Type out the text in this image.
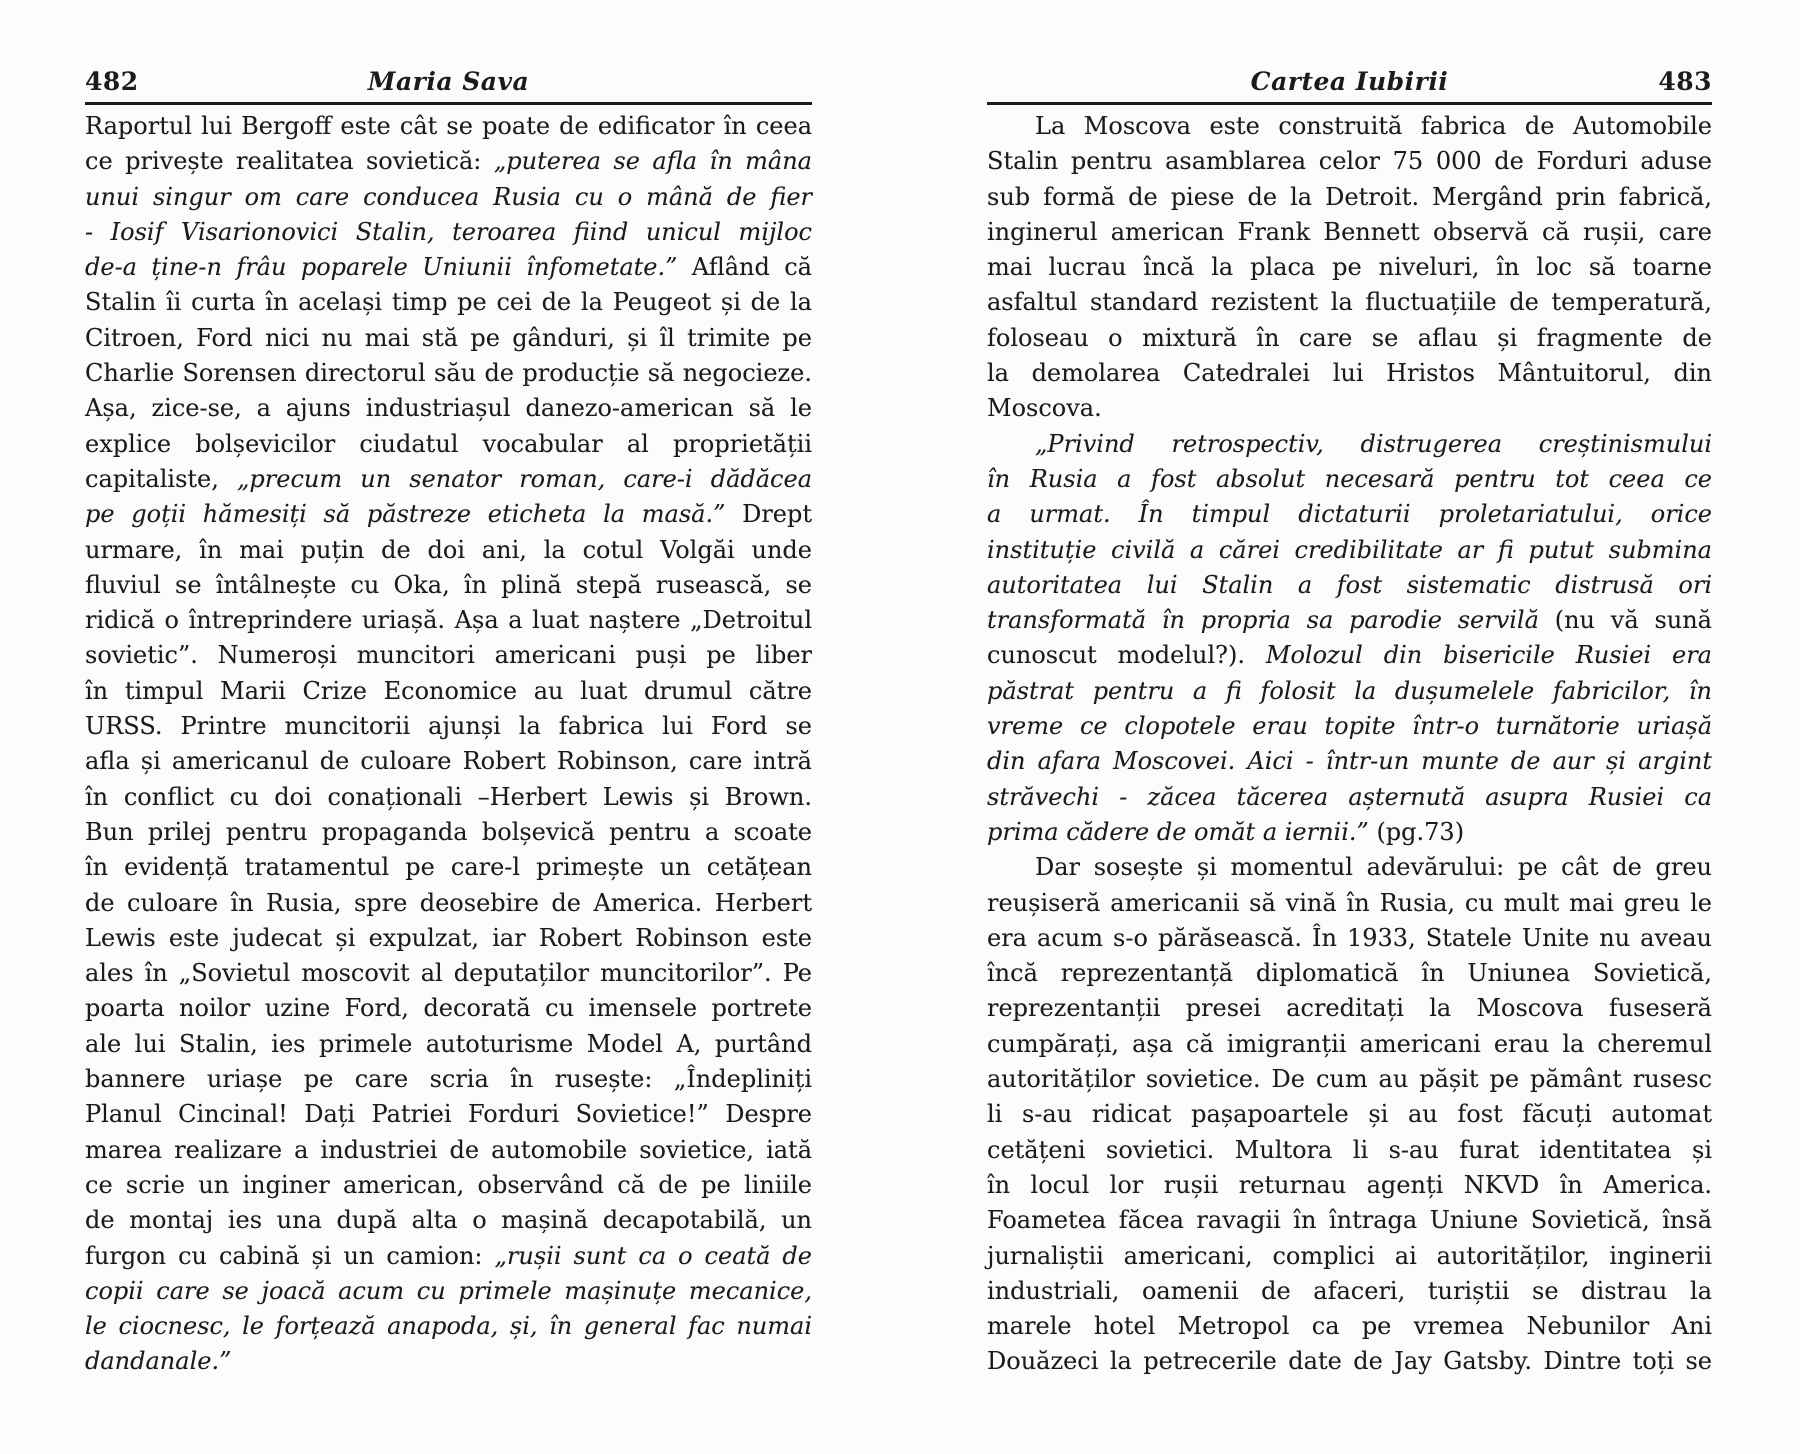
482	Maria Sava
Raportul lui Bergoff este cât se poate de edificator în ceea
ce privește realitatea sovietică: „puterea se afla în mâna
unui singur om care conducea Rusia cu o mână de fier
- Iosif Visarionovici Stalin, teroarea fiind unicul mijloc
de-a ține-n frâu poparele Uniunii înfometate.” Aflând că
Stalin îi curta în același timp pe cei de la Peugeot și de la
Citroen, Ford nici nu mai stă pe gânduri, și îl trimite pe
Charlie Sorensen directorul său de producție să negocieze.
Așa, zice-se, a ajuns industriașul danezo-american să le
explice bolșevicilor ciudatul vocabular al proprietății
capitaliste, „precum un senator roman, care-i dădăcea
pe goții hămesiți să păstreze eticheta la masă.” Drept
urmare, în mai puțin de doi ani, la cotul Volgăi unde
fluviul se întâlnește cu Oka, în plină stepă rusească, se
ridică o întreprindere uriașă. Așa a luat naștere „Detroitul
sovietic”. Numeroși muncitori americani puși pe liber
în timpul Marii Crize Economice au luat drumul către
URSS. Printre muncitorii ajunși la fabrica lui Ford se
afla și americanul de culoare Robert Robinson, care intră
în conflict cu doi conaționali –Herbert Lewis și Brown.
Bun prilej pentru propaganda bolșevică pentru a scoate
în evidență tratamentul pe care-l primește un cetățean
de culoare în Rusia, spre deosebire de America. Herbert
Lewis este judecat și expulzat, iar Robert Robinson este
ales în „Sovietul moscovit al deputaților muncitorilor”. Pe
poarta noilor uzine Ford, decorată cu imensele portrete
ale lui Stalin, ies primele autoturisme Model A, purtând
bannere uriașe pe care scria în rusește: „Îndepliniți
Planul Cincinal! Dați Patriei Forduri Sovietice!” Despre
marea realizare a industriei de automobile sovietice, iată
ce scrie un inginer american, observând că de pe liniile
de montaj ies una după alta o mașină decapotabilă, un
furgon cu cabină și un camion: „rușii sunt ca o ceată de
copii care se joacă acum cu primele mașinuțe mecanice,
le ciocnesc, le forțează anapoda, și, în general fac numai
dandanale.”
Cartea Iubirii	483
La Moscova este construită fabrica de Automobile
Stalin pentru asamblarea celor 75 000 de Forduri aduse
sub formă de piese de la Detroit. Mergând prin fabrică,
inginerul american Frank Bennett observă că rușii, care
mai lucrau încă la placa pe niveluri, în loc să toarne
asfaltul standard rezistent la fluctuațiile de temperatură,
foloseau o mixtură în care se aflau și fragmente de
la demolarea Catedralei lui Hristos Mântuitorul, din
Moscova.
„Privind retrospectiv, distrugerea creștinismului
în Rusia a fost absolut necesară pentru tot ceea ce
a urmat. În timpul dictaturii proletariatului, orice
instituție civilă a cărei credibilitate ar fi putut submina
autoritatea lui Stalin a fost sistematic distrusă ori
transformată în propria sa parodie servilă (nu vă sună
cunoscut modelul?). Molozul din bisericile Rusiei era
păstrat pentru a fi folosit la dușumelele fabricilor, în
vreme ce clopotele erau topite într-o turnătorie uriașă
din afara Moscovei. Aici - într-un munte de aur și argint
străvechi - zăcea tăcerea așternută asupra Rusiei ca
prima cădere de omăt a iernii.” (pg.73)
Dar sosește și momentul adevărului: pe cât de greu
reușiseră americanii să vină în Rusia, cu mult mai greu le
era acum s-o părăsească. În 1933, Statele Unite nu aveau
încă reprezentanță diplomatică în Uniunea Sovietică,
reprezentanții presei acreditați la Moscova fuseseră
cumpărați, așa că imigranții americani erau la cheremul
autorităților sovietice. De cum au pășit pe pământ rusesc
li s-au ridicat pașapoartele și au fost făcuți automat
cetățeni sovietici. Multora li s-au furat identitatea și
în locul lor rușii returnau agenți NKVD în America.
Foametea făcea ravagii în întraga Uniune Sovietică, însă
jurnaliștii americani, complici ai autorităților, inginerii
industriali, oamenii de afaceri, turiștii se distrau la
marele hotel Metropol ca pe vremea Nebunilor Ani
Douăzeci la petrecerile date de Jay Gatsby. Dintre toți se
